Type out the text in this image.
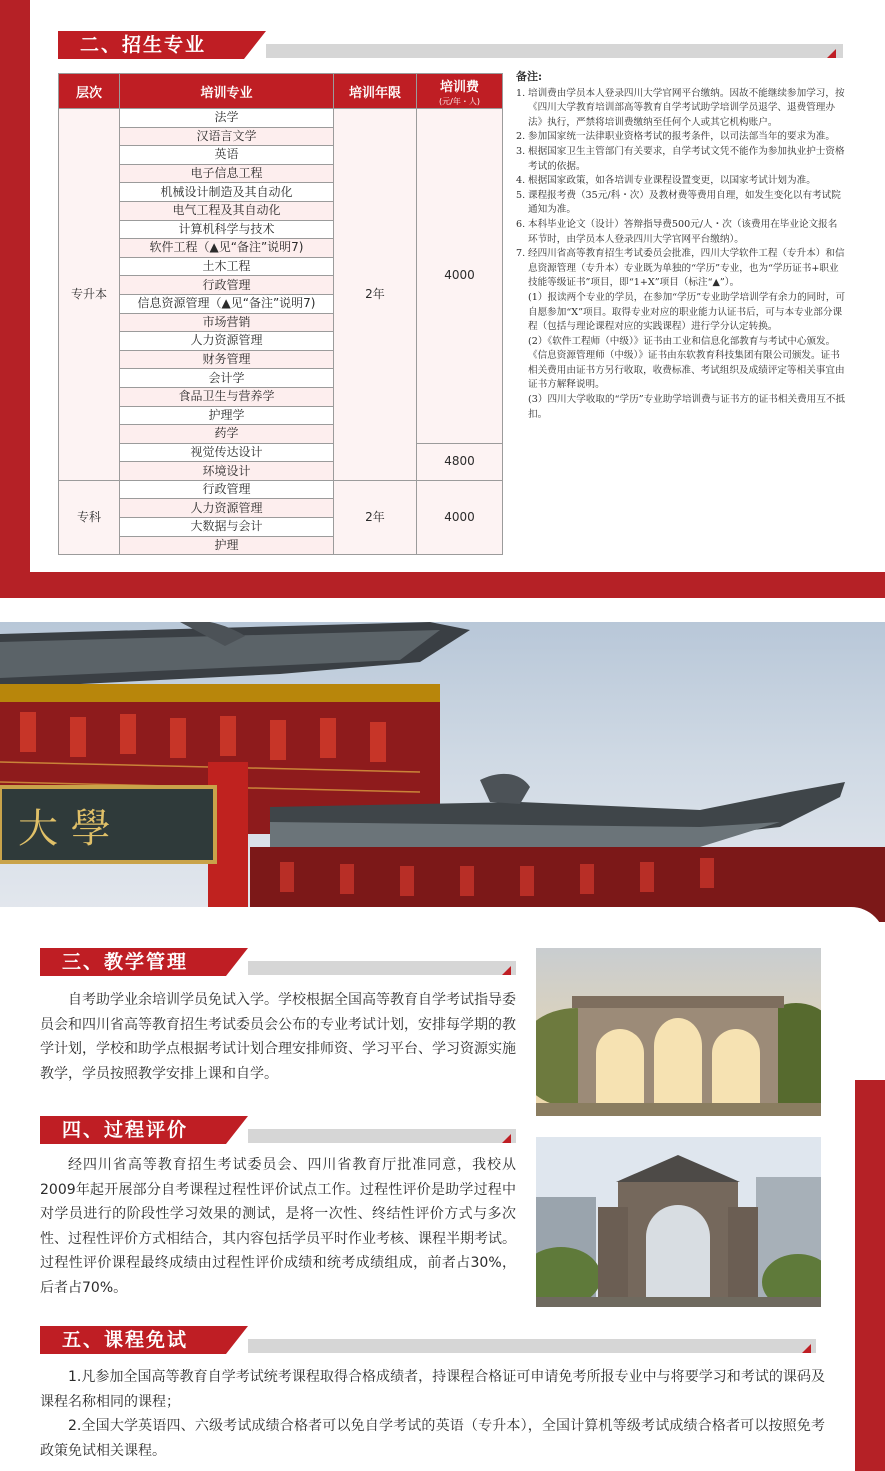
二、招生专业
层次	培训专业	培训年限	培训费
(元/年・人)

专升本	法学	2年	4000
	汉语言文学		
	英语		
	电子信息工程		
	机械设计制造及其自动化		
	电气工程及其自动化		
	计算机科学与技术		
	软件工程（▲见“备注”说明7)		
	土木工程		
	行政管理		
	信息资源管理（▲见“备注”说明7)		
	市场营销		
	人力资源管理		
	财务管理		
	会计学		
	食品卫生与营养学		
	护理学		
	药学		
	视觉传达设计		4800
	环境设计		
专科	行政管理	2年	4000
	人力资源管理		
	大数据与会计		
	护理		
备注:
1. 培训费由学员本人登录四川大学官网平台缴纳。因故不能继续参加学习，按《四川大学教育培训部高等教育自学考试助学培训学员退学、退费管理办法》执行，严禁将培训费缴纳至任何个人或其它机构账户。
2. 参加国家统一法律职业资格考试的报考条件，以司法部当年的要求为准。
3. 根据国家卫生主管部门有关要求，自学考试文凭不能作为参加执业护士资格考试的依据。
4. 根据国家政策，如各培训专业课程设置变更，以国家考试计划为准。
5. 课程报考费（35元/科・次）及教材费等费用自理，如发生变化以有考试院通知为准。
6. 本科毕业论文（设计）答辩指导费500元/人・次（该费用在毕业论文报名环节时，由学员本人登录四川大学官网平台缴纳）。
7. 经四川省高等教育招生考试委员会批准，四川大学软件工程（专升本）和信息资源管理（专升本）专业既为单独的“学历”专业，也为“学历证书+职业技能等级证书”项目，即“1+X”项目（标注“▲”）。
(1）报读两个专业的学员，在参加“学历”专业助学培训学有余力的同时，可自愿参加“X”项目。取得专业对应的职业能力认证书后，可与本专业部分课程（包括与理论课程对应的实践课程）进行学分认定转换。
(2）《软件工程师（中级）》证书由工业和信息化部教育与考试中心颁发。《信息资源管理师（中级）》证书由东软教育科技集团有限公司颁发。证书相关费用由证书方另行收取，收费标准、考试组织及成绩评定等相关事宜由证书方解释说明。
(3）四川大学收取的“学历”专业助学培训费与证书方的证书相关费用互不抵扣。
大 學
三、教学管理
自考助学业余培训学员免试入学。学校根据全国高等教育自学考试指导委员会和四川省高等教育招生考试委员会公布的专业考试计划，安排每学期的教学计划，学校和助学点根据考试计划合理安排师资、学习平台、学习资源实施教学，学员按照教学安排上课和自学。
四、过程评价
经四川省高等教育招生考试委员会、四川省教育厅批准同意，我校从2009年起开展部分自考课程过程性评价试点工作。过程性评价是助学过程中对学员进行的阶段性学习效果的测试，是将一次性、终结性评价方式与多次性、过程性评价方式相结合，其内容包括学员平时作业考核、课程半期考试。过程性评价课程最终成绩由过程性评价成绩和统考成绩组成，前者占30%，后者占70%。
五、课程免试

1.凡参加全国高等教育自学考试统考课程取得合格成绩者，持课程合格证可申请免考所报专业中与将要学习和考试的课码及课程名称相同的课程；

2.全国大学英语四、六级考试成绩合格者可以免自学考试的英语（专升本），全国计算机等级考试成绩合格者可以按照免考政策免试相关课程。
